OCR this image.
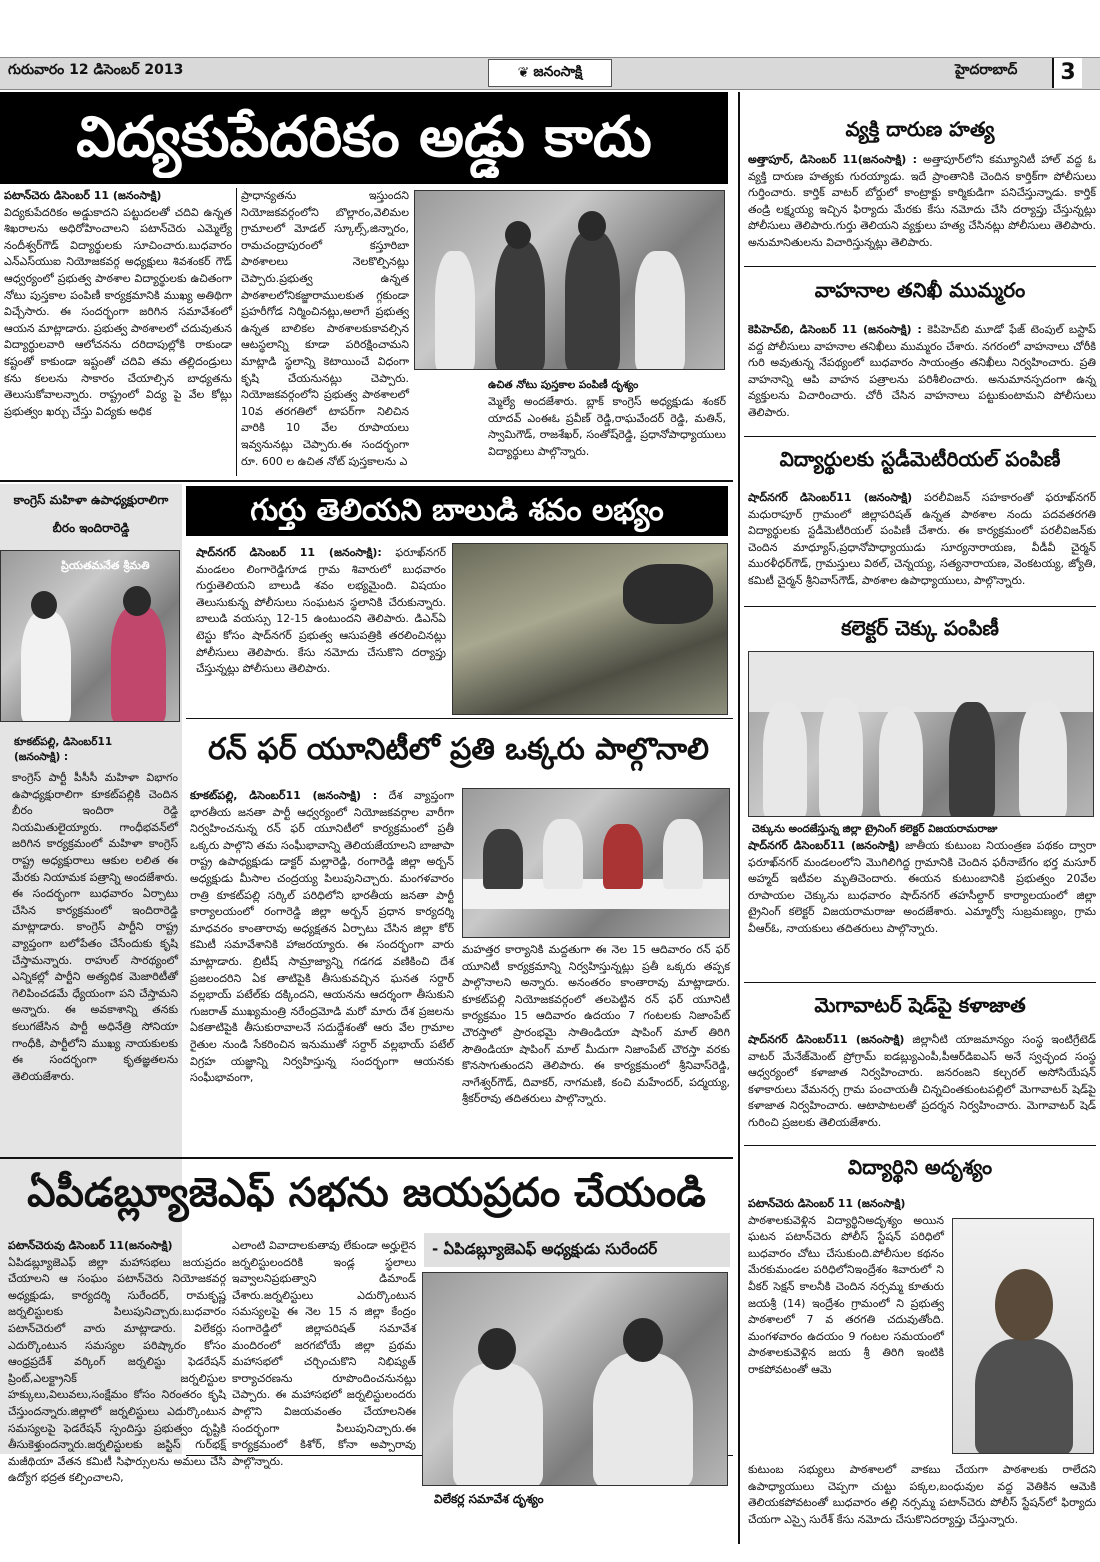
గురువారం 12 డిసెంబర్ 2013	❦ జనంసాక్షి	హైదరాబాద్	3
విద్యకుపేదరికం అడ్డు కాదు
పటాన్‌చెరు డిసెంబర్ 11 (జనంసాక్షి)
విద్యకుపేదరికం అడ్డుకాదని పట్టుదలతో చదివి ఉన్నత శిఖరాలను అధిరోహించాలని పటాన్‌చెరు ఎమ్మెల్యే నందీశ్వర్‌గౌడ్ విద్యార్థులకు సూచించారు.బుధవారం ఎన్‌ఎస్‌యుఐ నియోజకవర్గ అధ్యక్షులు శివశంకర్ గౌడ్ ఆధ్వర్యంలో ప్రభుత్వ పాఠశాల విద్యార్థులకు ఉచితంగా నోటు పుస్తకాల పంపిణీ కార్యక్రమానికి ముఖ్య అతిథిగా విచ్చేసారు. ఈ సందర్భంగా జరిగిన సమావేశంలో ఆయన మాట్లాడారు. ప్రభుత్వ పాఠశాలలో చదువుతున విద్యార్థులవారి ఆలోచనను దరిదాపుల్లోకి రాకుండా కష్టంతో కాకుండా ఇష్టంతో చదివి తమ తల్లిదండ్రులు కను కలలను సాకారం చేయాల్సిన బాధ్యతను తెలుసుకోవాలన్నారు. రాష్ట్రంలో విద్య పై వేల కోట్లు ప్రభుత్వం ఖర్చు చేస్తు విద్యకు అధిక
ప్రాధాన్యతను ఇస్తుందని నియోజకవర్గంలోని బొల్లారం,వెలిమల గ్రామాలలో మోడల్ స్కూల్స్,జిన్నారం, రామచంద్రాపురంలో కస్తూరిబా పాఠశాలలు నెలకొల్పినట్లు చెప్పారు.ప్రభుత్వ ఉన్నత పాఠశాలలోనికజ్జారాములకుత గ్గకుండా ప్రహరీగోడ నిర్మించినట్లు,అలాగే ప్రభుత్వ ఉన్నత బాలికల పాఠశాలకుకావల్సిన ఆటస్థలాన్ని కూడా పరిరక్షించామని మాట్లాడి స్థలాన్ని కెటాయించే విధంగా కృషి చేయనునట్లు చెప్పారు. నియోజకవర్గంలోని ప్రభుత్వ పాఠశాలలో 10వ తరగతిలో టాపర్‌గా నిలిచిన వారికి 10 వేల రూపాయలు ఇవ్వనునట్లు చెప్పారు.ఈ సందర్భంగా రూ. 600 ల ఉచిత నోట్ పుస్తకాలను ఎ
ఉచిత నోటు పుస్తకాల పంపిణీ దృశ్యం
మ్మెల్యే అందజేశారు. బ్లాక్ కాంగ్రెస్ అధ్యక్షుడు శంకర్ యాదవ్ ఎంఈఓ ప్రవీణ్ రెడ్డి,రాఘవేందర్ రెడ్డి, మతిన్, స్వామిగౌడ్, రాజశేఖర్, సంతోష్‌రెడ్డి, ప్రధానోపాధ్యాయులు విద్యార్థులు పాల్గొన్నారు.
కాంగ్రెస్ మహిళా ఉపాధ్యక్షురాలిగా
బీరం ఇందిరారెడ్డి
ప్రియతమనేత శ్రీమతి
కూకట్‌పల్లి, డిసెంబర్11
(జనంసాక్షి) :
కాంగ్రెస్ పార్టీ పీసీసీ మహిళా విభాగం ఉపాధ్యక్షురాలిగా కూకట్‌పల్లికి చెందిన బీరం ఇందిరా రెడ్డి నియమితులైయ్యారు. గాంధీభవన్‌లో జరిగిన కార్యక్రమంలో మహిళా కాంగ్రెస్ రాష్ట్ర అధ్యక్షురాలు ఆకుల లలిత ఈ మేరకు నియామక పత్రాన్ని అందజేశారు. ఈ సందర్భంగా బుధవారం ఏర్పాటు చేసిన కార్యక్రమంలో ఇందిరారెడ్డి మాట్లాడారు. కాంగ్రెస్ పార్టీని రాష్ట్ర వ్యాప్తంగా బలోపేతం చేసేందుకు కృషి చేస్తామన్నారు. రాహుల్ సారథ్యంలో ఎన్నికల్లో పార్టీని అత్యధిక మెజారిటీతో గెలిపించడమే ధ్యేయంగా పని చేస్తామని అన్నారు. ఈ అవకాశాన్ని తనకు కలుగజేసిన పార్టీ అధినేత్రి సోనియా గాంధీకి, పార్టీలోని ముఖ్య నాయకులకు ఈ సందర్భంగా కృతజ్ఞతలను తెలియజేశారు.
గుర్తు తెలియని బాలుడి శవం లభ్యం
షాద్‌నగర్ డిసెంబర్ 11 (జనంసాక్షి): ఫరూఖ్‌నగర్ మండలం లింగారెడ్డిగూడ గ్రామ శివారులో బుధవారం గుర్తుతెలియని బాలుడి శవం లభ్యమైంది. విషయం తెలుసుకున్న పోలీసులు సంఘటన స్థలానికి చేరుకున్నారు. బాలుడి వయస్సు 12-15 ఉంటుందని తెలిపారు. డిఎన్‌ఏ టెస్టు కోసం షాద్‌నగర్ ప్రభుత్వ ఆసుపత్రికి తరలించినట్లు పోలీసులు తెలిపారు. కేసు నమోదు చేసుకొని దర్యాప్తు చేస్తున్నట్లు పోలీసులు తెలిపారు.
రన్ ఫర్ యూనిటీలో ప్రతి ఒక్కరు పాల్గొనాలి
కూకట్‌పల్లి, డిసెంబర్11 (జనంసాక్షి) : దేశ వ్యాప్తంగా భారతీయ జనతా పార్టీ ఆధ్వర్యంలో నియోజకవర్గాల వారీగా నిర్వహించనున్న రన్ ఫర్ యూనిటీలో కార్యక్రమంలో ప్రతీ ఒక్కరు పాల్గొని తమ సంఘీభావాన్ని తెలియజేయాలని బాజాపా రాష్ట్ర ఉపాధ్యక్షుడు డాక్టర్ మల్లారెడ్డి, రంగారెడ్డి జిల్లా అర్బన్ అధ్యక్షుడు మీసాల చంద్రయ్య పిలుపునిచ్చారు. మంగళవారం రాత్రి కూకట్‌పల్లి సర్కిల్ పరిధిలోని భారతీయ జనతా పార్టీ కార్యాలయంలో రంగారెడ్డి జిల్లా అర్బన్ ప్రధాన కార్యదర్శి మాధవరం కాంతారావు అధ్యక్షతన ఏర్పాటు చేసిన జిల్లా కోర్ కమిటీ సమావేశానికి హాజరయ్యారు. ఈ సందర్భంగా వారు మాట్లాడారు. బ్రిటీష్ సామ్రాజ్యాన్ని గడగడ వణికించి దేశ ప్రజలందరిని ఏక తాటిపైకి తీసుకువచ్చిన ఘనత సర్దార్ వల్లభాయ్ పటేల్‌కు దక్కిందని, ఆయనను ఆదర్శంగా తీసుకుని గుజరాత్ ముఖ్యమంత్రి నరేంద్రమోడి మరో మారు దేశ ప్రజలను ఏకతాటిపైకి తీసుకురావాలనే సదుద్దేశంతో ఆరు వేల గ్రామాల రైతుల నుండి సేకరించిన ఇనుముతో సర్దార్ వల్లభాయ్ పటేల్ విగ్రహ యజ్ఞాన్ని నిర్వహిస్తున్న సందర్భంగా ఆయనకు సంఘీభావంగా,
మహత్తర కార్యానికి మద్దతుగా ఈ నెల 15 ఆదివారం రన్ ఫర్ యూనిటీ కార్యక్రమాన్ని నిర్వహిస్తున్నట్లు ప్రతీ ఒక్కరు తప్పక పాల్గొనాలని అన్నారు. అనంతరం కాంతారావు మాట్లాడారు. కూకట్‌పల్లి నియోజకవర్గంలో తలపెట్టిన రన్ ఫర్ యూనిటీ కార్యక్రమం 15 ఆదివారం ఉదయం 7 గంటలకు నిజాంపేట్ చౌరస్తాలో ప్రారంభమై సాతిండియా షాపింగ్ మాల్ తిరిగి సౌతిండియా షాపింగ్ మాల్ మీదుగా నిజాంపేట్ చౌరస్తా వరకు కొనసాగుతుందని తెలిపారు. ఈ కార్యక్రమంలో శ్రీనివాస్‌రెడ్డి, నాగేశ్వర్‌గౌడ్, దివాకర్, నాగమణి, కంచి మహేందర్, పద్మయ్య, శ్రీకర్‌రావు తదితరులు పాల్గొన్నారు.
ఏపీడబ్ల్యూజెఎఫ్ సభను జయప్రదం చేయండి
- ఏపిడబ్ల్యూజెఎఫ్ అధ్యక్షుడు సురేందర్
పటాన్‌చెరువు డిసెంబర్ 11(జనంసాక్షి)
ఏపిడబ్ల్యూజెఎఫ్ జిల్లా మహాసభలు జయప్రదం చేయాలని ఆ సంఘం పటాన్‌చెరు నియోజకవర్గ అధ్యక్షుడు, కార్యదర్శి సురేందర్, రామకృష్ణ జర్నలిస్టులకు పిలుపునిచ్చారు.బుధవారం పటాన్‌చెరులో వారు మాట్లాడారు. విలేకర్లు ఎదుర్కొంటున సమస్యల పరిష్కారం కోసం ఆంధ్రప్రదేశ్ వర్కింగ్ జర్నలిస్టు ఫెడరేషన్ ప్రింట్,ఎలక్ట్రానిక్ జర్నలిస్టుల హక్కులు,విలువలు,సంక్షేమం కోసం నిరంతరం కృషి చేస్తుందన్నారు.జిల్లాలో జర్నలిస్టులు ఎదుర్కొంటున సమస్యలపై ఫెడరేషన్ స్పందిస్తు ప్రభుత్వం దృష్టికి తీసుకెళ్తుందన్నారు.జర్నలిస్టులకు జస్టిస్ గుర్‌భక్ష్ మజీథియా వేతన కమిటీ సిఫార్సులను అమలు చేసి ఉద్యోగ భద్రత కల్పించాలని,
ఎలాంటి వివాదాలకుతావు లేకుండా అర్హులైన జర్నలిస్టులందరికి ఇండ్ల స్థలాలు ఇవ్వాలనిప్రభుత్వాని డిమాండ్ చేశారు.జర్నలిస్టులు ఎదుర్కొంటున సమస్యలపై ఈ నెల 15 న జిల్లా కేంద్రం సంగారెడ్డిలో జిల్లాపరిషత్ సమావేశ మందిరంలో జరగబోయే జిల్లా ప్రథమ మహాసభలో చర్చించుకొని నిభిష్యత్ కార్యాచరణను రూపొందించనునట్లు చెప్పారు. ఈ మహాసభలో జర్నలిస్టులందరు పాల్గొని విజయవంతం చేయాలనిఈ సందర్భంగా పిలుపునిచ్చారు.ఈ కార్యక్రమంలో కిశోర్, కోనా అప్పారావు పాల్గొన్నారు.
విలేకర్ల సమావేశ దృశ్యం
వ్యక్తి దారుణ హత్య
అత్తాపూర్, డిసెంబర్ 11(జనంసాక్షి) : అత్తాపూర్‌లోని కమ్యూనిటీ హాల్ వద్ద ఓ వ్యక్తి దారుణ హత్యకు గురయ్యాడు. ఇదే ప్రాంతానికి చెందిన కార్తిక్‌గా పోలీసులు గుర్తించారు. కార్తిక్ వాటర్ బోర్డులో కాంట్రాక్టు కార్మికుడిగా పనిచేస్తున్నాడు. కార్తిక్ తండ్రి లక్ష్మయ్య ఇచ్చిన ఫిర్యాదు మేరకు కేసు నమోదు చేసి దర్యాప్తు చేస్తున్నట్లు పోలీసులు తెలిపారు.గుర్తు తెలియని వ్యక్తులు హత్య చేసినట్లు పోలీసులు తెలిపారు. అనుమానితులను విచారిస్తున్నట్లు తెలిపారు.
వాహనాల తనిఖీ ముమ్మరం
కెపిహెచ్‌బి, డిసెంబర్ 11 (జనంసాక్షి) : కెపిహెచ్‌బి మూడో ఫేజ్ టెంపుల్ బస్టాప్ వద్ద పోలీసులు వాహనాల తనిఖీలు ముమ్మరం చేశారు. నగరంలో వాహనాలు చోరీకి గురి అవుతున్న నేపథ్యంలో బుధవారం సాయంత్రం తనిఖీలు నిర్వహించారు. ప్రతి వాహనాన్ని ఆపి వాహన పత్రాలను పరిశీలించారు. అనుమానస్పదంగా ఉన్న వ్యక్తులను విచారించారు. చోరీ చేసిన వాహనాలు పట్టుకుంటామని పోలీసులు తెలిపారు.
విద్యార్థులకు స్టడీమెటీరియల్ పంపిణీ
షాద్‌నగర్ డిసెంబర్11 (జనంసాక్షి) పరలీవిజన్ సహకారంతో ఫరూఖ్‌నగర్ మధురాపూర్ గ్రామంలో జిల్లాపరిషత్ ఉన్నత పాఠశాల నందు పదవతరగతి విద్యార్థులకు స్టడీమెటీరియల్ పంపిణీ చేశారు. ఈ కార్యక్రమంలో పరలీవిజన్‌కు చెందిన మాధ్యూస్,ప్రధానోపాధ్యాయుడు సూర్యనారాయణ, వీడీవీ చైర్మన్ మురళీధర్‌గౌడ్, గ్రామస్తులు విఠల్, చెన్నయ్య, సత్యనారాయణ, వెంకటయ్య, జ్యోతి, కమిటీ చైర్మన్ శ్రీనివాస్‌గౌడ్, పాఠశాల ఉపాధ్యాయులు, పాల్గొన్నారు.
కలెక్టర్ చెక్కు పంపిణీ
చెక్కును అందజేస్తున్న జిల్లా ట్రైనింగ్ కలెక్టర్ విజయరామరాజు
షాద్‌నగర్ డిసెంబర్11 (జనంసాక్షి) జాతీయ కుటుంబ నియంత్రణ పథకం ద్వారా ఫరూఖ్‌నగర్ మండలంలోని మొగిలిగిద్ద గ్రామానికి చెందిన ఫరీనాబేగం భర్త మసూర్ అహ్మద్ ఇటీవల మృతిచెందారు. ఈయన కుటుంబానికి ప్రభుత్వం 20వేల రూపాయల చెక్కును బుధవారం షాద్‌నగర్ తహసీల్దార్ కార్యాలయంలో జిల్లా ట్రైనింగ్ కలెక్టర్ విజయరామరాజు అందజేశారు. ఎమ్మార్వో సుబ్రమణ్యం, గ్రామ వీఆర్‌ఓ, నాయకులు తదితరులు పాల్గొన్నారు.
మెగావాటర్ షెడ్‌పై కళాజాత
షాద్‌నగర్ డిసెంబర్11 (జనంసాక్షి) జిల్లానీటి యాజమాన్యం సంస్థ ఇంటిగ్రేటెడ్ వాటర్ మేనేజ్‌మెంట్ ప్రోగ్రామ్ ఐడబ్ల్యుఎంపీ,పీఆర్‌డిఐఎస్ అనే స్వచ్ఛంద సంస్థ ఆధ్వర్యంలో కళాజాత నిర్వహించారు. జనరంజని కల్చరల్ అసోసియేషన్ కళాకారులు వేమనర్స గ్రామ పంచాయతీ చిన్నచింతకుంటపల్లిలో మెగావాటర్ షెడ్‌పై కళాజాత నిర్వహించారు. ఆటాపాటలతో ప్రదర్శన నిర్వహించారు. మెగావాటర్ షెడ్ గురించి ప్రజలకు తెలియజేశారు.
విద్యార్థిని అదృశ్యం
పటాన్‌చెరు డిసెంబర్ 11 (జనంసాక్షి)
పాఠశాలకువెళ్లిన విద్యార్థినిఅదృశ్యం అయిన ఘటన పటాన్‌చెరు పోలీస్ స్టేషన్ పరిధిలో బుధవారం చోటు చేసుకుంది.పోలీసుల కథనం మేరకుమండల పరిధిలోనిఇంద్రేశం శివారులో ని వీకర్ సెక్షన్ కాలనీకి చెందిన నర్సమ్మ కూతురు జయశ్రీ (14) ఇంద్రేశం గ్రామంలో ని ప్రభుత్వ పాఠశాలలో 7 వ తరగతి చదువుతోంది. మంగళవారం ఉదయం 9 గంటల సమయంలో పాఠశాలకువెళ్లిన జయ శ్రీ తిరిగి ఇంటికి రాకపోవటంతో ఆమె
కుటుంబ సభ్యులు పాఠశాలలో వాకబు చేయగా పాఠశాలకు రాలేదని ఉపాధ్యాయులు చెప్పగా చుట్టు పక్కల,బంధువుల వద్ద వెతికిన ఆమెకి తెలియకపోవటంతో బుధవారం తల్లి నర్సమ్మ పటాన్‌చెరు పోలీస్ స్టేషన్‌లో ఫిర్యాదు చేయగా ఎస్సై సురేశ్ కేసు నమోదు చేసుకొనిదర్యాప్తు చేస్తున్నారు.
